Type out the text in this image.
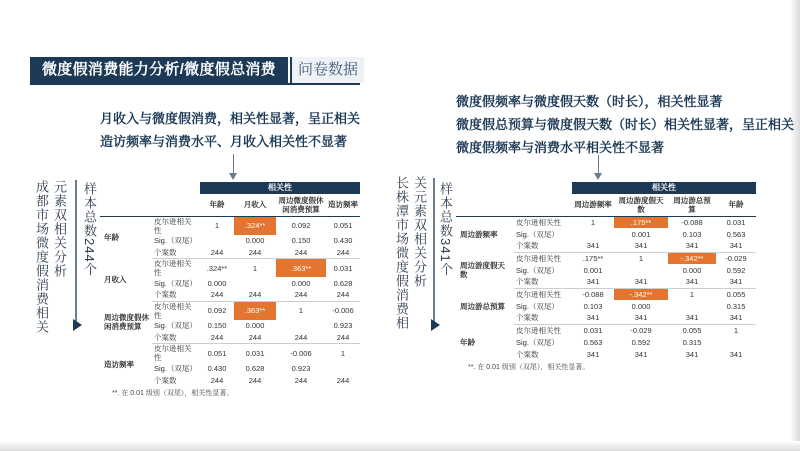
微度假消费能力分析/微度假总消费	问卷数据
月收入与微度假消费，相关性显著，呈正相关
造访频率与消费水平、月收入相关性不显著
元素双相关分析
成都市场微度假消费相关	样本总数244个
			相关性			
		年龄	月收入	周边微度假休闲消费预算	造访频率
年龄	皮尔逊相关性	1	.324**	0.092	0.051
	Sig.（双尾）		0.000	0.150	0.430
	个案数	244	244	244	244
月收入	皮尔逊相关性	.324**	1	.363**	0.031
	Sig.（双尾）	0.000		0.000	0.628
	个案数	244	244	244	244
周边微度假休闲消费预算	皮尔逊相关性	0.092	.363**	1	-0.006
	Sig.（双尾）	0.150	0.000		0.923
	个案数	244	244	244	244
造访频率	皮尔逊相关性	0.051	0.031	-0.006	1
	Sig.（双尾）	0.430	0.628	0.923	
	个案数	244	244	244	244
**. 在 0.01 级别（双尾），相关性显著。
微度假频率与微度假天数（时长），相关性显著
微度假总预算与微度假天数（时长）相关性显著，呈正相关
微度假频率与消费水平相关性不显著
关元素双相关分析
长株潭市场微度假消费相 样本总数341个
			相关性			
		周边游频率	周边游度假天数	周边游总预算	年龄
周边游频率	皮尔逊相关性	1	.175**	-0.088	0.031
	Sig.（双尾）		0.001	0.103	0.563
	个案数	341	341	341	341
周边游度假天数	皮尔逊相关性	.175**	1	-.342**	-0.029
	Sig.（双尾）	0.001		0.000	0.592
	个案数	341	341	341	341
周边游总预算	皮尔逊相关性	-0.088	-.342**	1	0.055
	Sig.（双尾）	0.103	0.000		0.315
	个案数	341	341	341	341
年龄	皮尔逊相关性	0.031	-0.029	0.055	1
	Sig.（双尾）	0.563	0.592	0.315	
	个案数	341	341	341	341
**. 在 0.01 级别（双尾），相关性显著。
